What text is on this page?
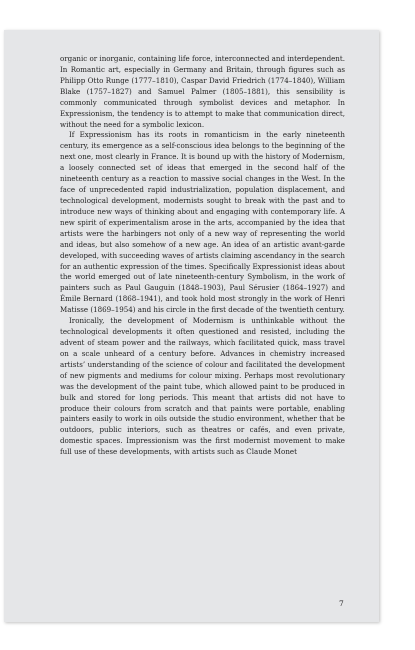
organic or inorganic, containing life force, interconnected and interdependent. In Romantic art, especially in Germany and Britain, through figures such as Philipp Otto Runge (1777–1810), Caspar David Friedrich (1774–1840), William Blake (1757–1827) and Samuel Palmer (1805–1881), this sensibility is commonly communicated through symbolist devices and metaphor. In Expressionism, the tendency is to attempt to make that communication direct, without the need for a symbolic lexicon.

If Expressionism has its roots in romanticism in the early nineteenth century, its emergence as a self-conscious idea belongs to the beginning of the next one, most clearly in France. It is bound up with the history of Modernism, a loosely connected set of ideas that emerged in the second half of the nineteenth century as a reaction to massive social changes in the West. In the face of unprecedented rapid industrialization, population displacement, and technological development, modernists sought to break with the past and to introduce new ways of thinking about and engaging with contemporary life. A new spirit of experimentalism arose in the arts, accompanied by the idea that artists were the harbingers not only of a new way of representing the world and ideas, but also somehow of a new age. An idea of an artistic avant-garde developed, with succeeding waves of artists claiming ascendancy in the search for an authentic expression of the times. Specifically Expressionist ideas about the world emerged out of late nineteenth-century Symbolism, in the work of painters such as Paul Gauguin (1848–1903), Paul Sérusier (1864–1927) and Émile Bernard (1868–1941), and took hold most strongly in the work of Henri Matisse (1869–1954) and his circle in the first decade of the twentieth century.

Ironically, the development of Modernism is unthinkable without the technological developments it often questioned and resisted, including the advent of steam power and the railways, which facilitated quick, mass travel on a scale unheard of a century before. Advances in chemistry increased artists’ understanding of the science of colour and facilitated the development of new pigments and mediums for colour mixing. Perhaps most revolutionary was the development of the paint tube, which allowed paint to be produced in bulk and stored for long periods. This meant that artists did not have to produce their colours from scratch and that paints were portable, enabling painters easily to work in oils outside the studio environment, whether that be outdoors, public interiors, such as theatres or cafés, and even private, domestic spaces. Impressionism was the first modernist movement to make full use of these developments, with artists such as Claude Monet

7
